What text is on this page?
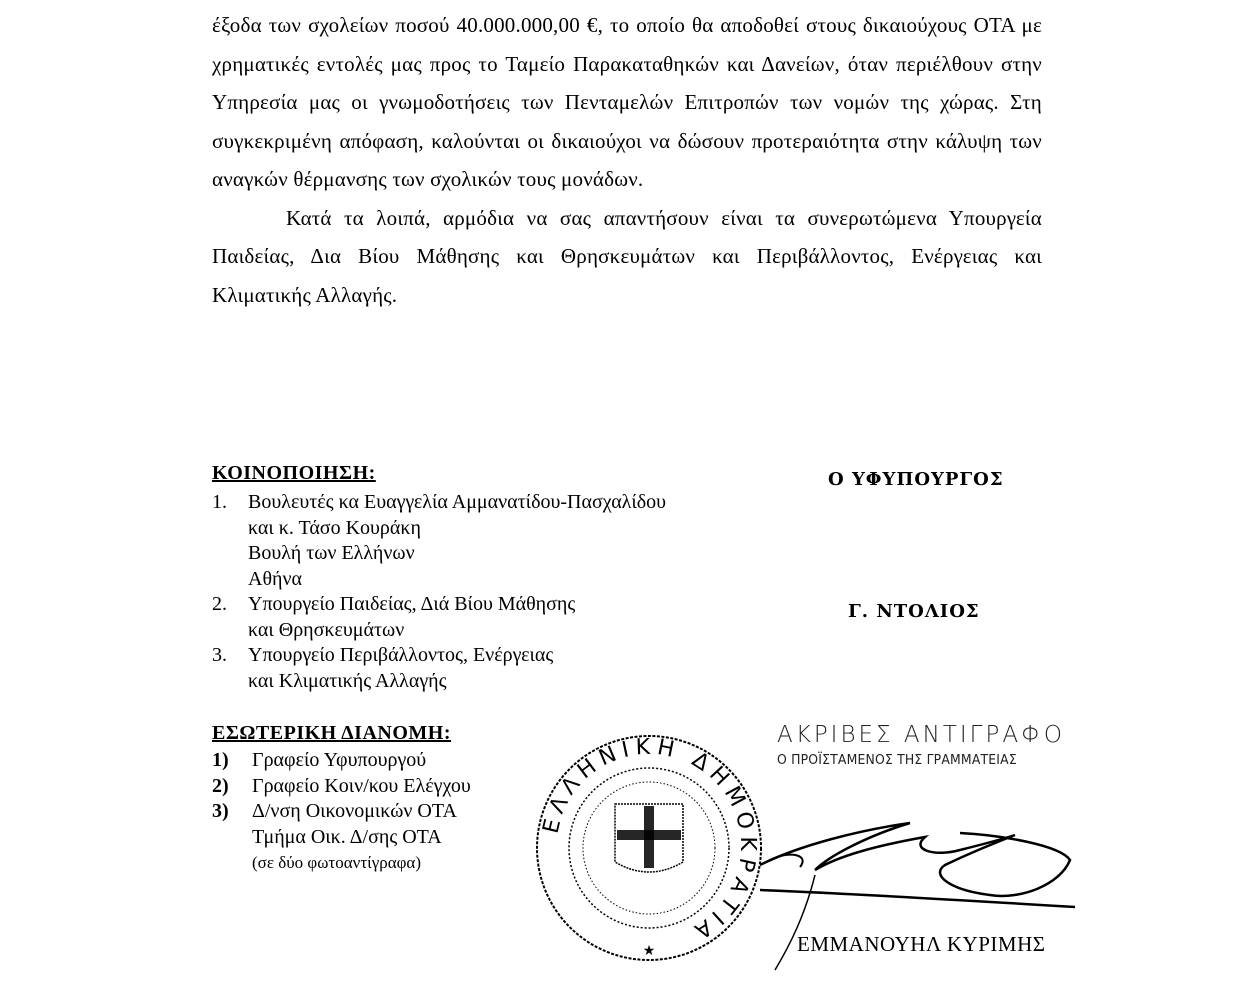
έξοδα των σχολείων ποσού 40.000.000,00 €, το οποίο θα αποδοθεί στους δικαιούχους ΟΤΑ με χρηματικές εντολές μας προς το Ταμείο Παρακαταθηκών και Δανείων, όταν περιέλθουν στην Υπηρεσία μας οι γνωμοδοτήσεις των Πενταμελών Επιτροπών των νομών της χώρας. Στη συγκεκριμένη απόφαση, καλούνται οι δικαιούχοι να δώσουν προτεραιότητα στην κάλυψη των αναγκών θέρμανσης των σχολικών τους μονάδων.

Κατά τα λοιπά, αρμόδια να σας απαντήσουν είναι τα συνερωτώμενα Υπουργεία Παιδείας, Δια Βίου Μάθησης και Θρησκευμάτων και Περιβάλλοντος, Ενέργειας και Κλιματικής Αλλαγής.

ΚΟΙΝΟΠΟΙΗΣΗ:
1.	Βουλευτές κα Ευαγγελία Αμμανατίδου-Πασχαλίδου
και κ. Τάσο Κουράκη
Βουλή των Ελλήνων
Αθήνα
2.	Υπουργείο Παιδείας, Διά Βίου Μάθησης
και Θρησκευμάτων
3.	Υπουργείο Περιβάλλοντος, Ενέργειας
και Κλιματικής Αλλαγής
Ο ΥΦΥΠΟΥΡΓΟΣ
Γ. ΝΤΟΛΙΟΣ
ΕΣΩΤΕΡΙΚΗ ΔΙΑΝΟΜΗ:
1)	Γραφείο Υφυπουργού
2)	Γραφείο Κοιν/κου Ελέγχου
3)	Δ/νση Οικονομικών ΟΤΑ
Τμήμα Οικ. Δ/σης ΟΤΑ
(σε δύο φωτοαντίγραφα)
ΕΛΛΗΝΙΚΗ ΔΗΜΟΚΡΑΤΙΑ
★
ΑΚΡΙΒΕΣ ΑΝΤΙΓΡΑΦΟ
Ο ΠΡΟΪΣΤΑΜΕΝΟΣ ΤΗΣ ΓΡΑΜΜΑΤΕΙΑΣ
ΕΜΜΑΝΟΥΗΛ ΚΥΡΙΜΗΣ
